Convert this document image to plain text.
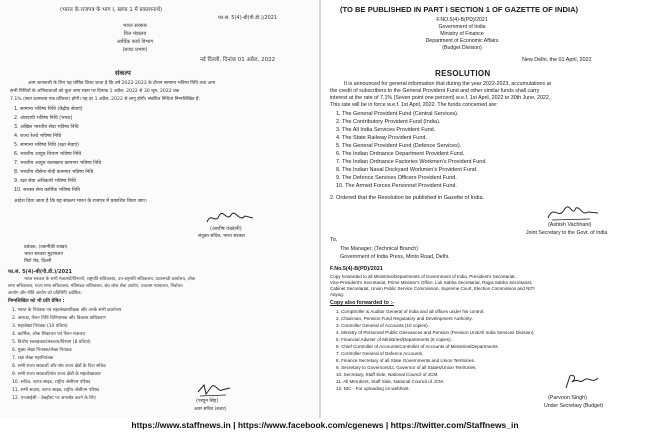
(भारत के राजपत्र के भाग I, खण्ड 1 में प्रकाशनार्थ)
फा.सं. 5(4)-बी(पी.डी.)/2021
भारत सरकार
वित्त मंत्रालय
आर्थिक कार्य विभाग
(बजट प्रभाग)
नई दिल्ली, दिनांक 01 अप्रैल, 2022
संकल्प
आम जानकारी के लिए यह घोषित किया जाता है कि वर्ष 2022-2023 के दौरान सामान्य भविष्य निधि तथा अन्य
सभी निधियों के अभिदाताओं को कुल जमा रकम पर दिनांक 1 अप्रैल, 2022 से 30 जून, 2022 तक
7.1% (सात दशमलव एक प्रतिशत) होगी। यह दर 1 अप्रैल, 2022 से लागू होगी। संबंधित निधियां निम्नलिखित हैं:
1. सामान्य भविष्य निधि (केंद्रीय सेवाएं)
2. अंशदायी भविष्य निधि (भारत)
3. अखिल भारतीय सेवा भविष्य निधि
4. राज्य रेलवे भविष्य निधि
5. सामान्य भविष्य निधि (रक्षा सेवाएं)
6. भारतीय आयुध विभाग भविष्य निधि
7. भारतीय आयुध कारखाना कामगार भविष्य निधि
8. भारतीय नौसेना गोदी कामगार भविष्य निधि
9. रक्षा सेवा अधिकारी भविष्य निधि
10. सशस्त्र सेना कार्मिक भविष्य निधि
आदेश दिया जाता है कि यह संकल्प भारत के राजपत्र में प्रकाशित किया जाए।
(आशीष वच्छानी)
संयुक्त सचिव, भारत सरकार
प्रबंधक, (तकनीकी शाखा)
भारत सरकार मुद्रणालय
मिंटो रोड, दिल्ली
फा.सं. 5(4)-बी(पी.डी.)/2021
भारत सरकार के सभी मंत्रालयों/विभागों, राष्ट्रपति सचिवालय, उप-राष्ट्रपति सचिवालय, प्रधानमंत्री कार्यालय, लोक
सभा सचिवालय, राज्य सभा सचिवालय, मंत्रिमंडल सचिवालय, संघ लोक सेवा आयोग, उच्चतम न्यायालय, निर्वाचन
आयोग और नीति आयोग को प्रतिलिपि अग्रेषित।
निम्नलिखित को भी प्रति प्रेषित :
1. भारत के नियंत्रक एवं महालेखापरीक्षक और उनके सभी कार्यालय
2. अध्यक्ष, पेंशन निधि विनियामक और विकास प्राधिकरण
3. महालेखा नियंत्रक (10 प्रतियां)
4. कार्मिक, लोक शिकायत एवं पेंशन मंत्रालय
5. वित्तीय सलाहकार/मंत्रालय/विभाग (8 प्रतियां)
6. मुख्य लेखा नियंत्रक/लेखा नियंत्रक
7. रक्षा लेखा महानियंत्रक
8. सभी राज्य सरकारों और संघ राज्य क्षेत्रों के वित्त सचिव
9. सभी राज्य सरकारों/संघ राज्य क्षेत्रों के महालेखाकार
10. सचिव, स्टाफ साइड, राष्ट्रीय जेसीएम परिषद
11. सभी सदस्य, स्टाफ साइड, राष्ट्रीय जेसीएम परिषद
12. एनआईसी - वेबहोस्ट पर अपलोड करने के लिए
(परवून सिंह)
अवर सचिव (बजट)
(TO BE PUBLISHED IN PART I SECTION 1 OF GAZETTE OF INDIA)
F.NO.5(4)-B(PD)/2021
Government of India
Ministry of Finance
Department of Economic Affairs
(Budget Division)
New Delhi, the 01 April, 2022
RESOLUTION
It is announced for general information that during the year 2022-2023, accumulations at
the credit of subscribers to the General Provident Fund and other similar funds shall carry
interest at the rate of 7.1% (Seven point one percent) w.e.f. 1st April, 2022 to 30th June, 2022.
This rate will be in force w.e.f. 1st April, 2022. The funds concerned are:
1. The General Provident Fund (Central Services).
2. The Contributory Provident Fund (India).
3. The All India Services Provident Fund.
4. The State Railway Provident Fund.
5. The General Provident Fund (Defence Services).
6. The Indian Ordnance Department Provident Fund.
7. The Indian Ordnance Factories Workmen's Provident Fund.
8. The Indian Naval Dockyard Workmen's Provident Fund.
9. The Defence Services Officers Provident Fund.
10. The Armed Forces Personnel Provident Fund.
2. Ordered that the Resolution be published in Gazette of India.
(Ashish Vachhani)
Joint Secretary to the Govt. of India
To,
The Manager, (Technical Branch)
Government of India Press, Minto Road, Delhi.
F.No.5(4)-B(PD)/2021
Copy forwarded to all Ministries/Departments of Government of India, President's Secretariat,
Vice-President's Secretariat, Prime Minister's Office, Lok Sabha Secretariat, Rajya Sabha Secretariat,
Cabinet Secretariat, Union Public Service Commission, Supreme Court, Election Commission and NITI
Aayog.
Copy also forwarded to :-
1. Comptroller & Auditor General of India and all offices under his control.
2. Chairman, Pension Fund Regulatory and Development Authority.
3. Controller General of Accounts (10 copies).
4. Ministry of Personnel Public Grievances and Pension (Pension Unit/All India Services Division).
5. Financial Adviser of Ministries/Departments (8 copies).
6. Chief Controller of Accounts/Controller of Accounts of Ministries/Departments.
7. Controller General of Defence Accounts.
8. Finance Secretary of all State Governments and Union Territories.
9. Secretary to Governors/Lt. Governor of all States/Union Territories.
10. Secretary, Staff Side, National Council of JCM.
11. All Members, Staff Side, National Council of JCM.
12. NIC - For uploading on webhost.
(Parvoon Singh)
Under Secretary (Budget)
https://www.staffnews.in | https://www.facebook.com/cgenews | https://twitter.com/Staffnews_in
